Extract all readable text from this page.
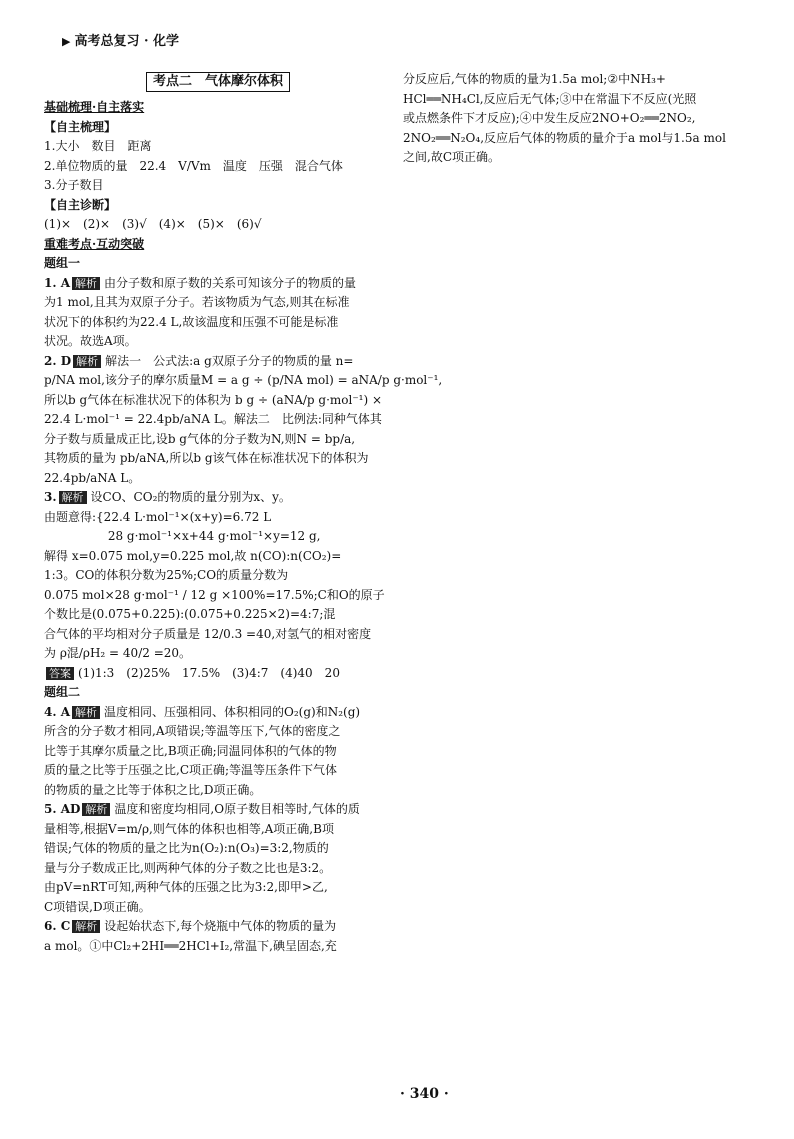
▶ 高考总复习 · 化学
考点二　气体摩尔体积
基础梳理·自主落实
【自主梳理】
1.大小　数目　距离
2.单位物质的量　22.4　V/Vm　温度　压强　混合气体
3.分子数目
【自主诊断】
(1)×　(2)×　(3)√　(4)×　(5)×　(6)√
重难考点·互动突破
题组一
1. A 解析 由分子数和原子数的关系可知该分子的物质的量
为1 mol,且其为双原子分子。若该物质为气态,则其在标准
状况下的体积约为22.4 L,故该温度和压强不可能是标准
状况。故选A项。
2. D 解析 解法一　公式法:a g双原子分子的物质的量 n=
p/NA mol,该分子的摩尔质量M = a g ÷ (p/NA mol) = aNA/p g·mol⁻¹,
所以b g气体在标准状况下的体积为 b g ÷ (aNA/p g·mol⁻¹) ×
22.4 L·mol⁻¹ = 22.4pb/aNA L。解法二　比例法:同种气体其
分子数与质量成正比,设b g气体的分子数为N,则N = bp/a,
其物质的量为 pb/aNA,所以b g该气体在标准状况下的体积为
22.4pb/aNA L。
3. 解析 设CO、CO₂的物质的量分别为x、y。
由题意得:{22.4 L·mol⁻¹×(x+y)=6.72 L
　　　　　 28 g·mol⁻¹×x+44 g·mol⁻¹×y=12 g,
解得 x=0.075 mol,y=0.225 mol,故 n(CO):n(CO₂)=
1:3。CO的体积分数为25%;CO的质量分数为
0.075 mol×28 g·mol⁻¹ / 12 g ×100%=17.5%;C和O的原子
个数比是(0.075+0.225):(0.075+0.225×2)=4:7;混
合气体的平均相对分子质量是 12/0.3 =40,对氢气的相对密度
为 ρ混/ρH₂ = 40/2 =20。
答案 (1)1:3　(2)25%　17.5%　(3)4:7　(4)40　20
题组二
4. A 解析 温度相同、压强相同、体积相同的O₂(g)和N₂(g)
所含的分子数才相同,A项错误;等温等压下,气体的密度之
比等于其摩尔质量之比,B项正确;同温同体积的气体的物
质的量之比等于压强之比,C项正确;等温等压条件下气体
的物质的量之比等于体积之比,D项正确。
5. AD 解析 温度和密度均相同,O原子数目相等时,气体的质
量相等,根据V=m/ρ,则气体的体积也相等,A项正确,B项
错误;气体的物质的量之比为n(O₂):n(O₃)=3:2,物质的
量与分子数成正比,则两种气体的分子数之比也是3:2。
由pV=nRT可知,两种气体的压强之比为3:2,即甲>乙,
C项错误,D项正确。
6. C 解析 设起始状态下,每个烧瓶中气体的物质的量为
a mol。①中Cl₂+2HI══2HCl+I₂,常温下,碘呈固态,充
分反应后,气体的物质的量为1.5a mol;②中NH₃+
HCl══NH₄Cl,反应后无气体;③中在常温下不反应(光照
或点燃条件下才反应);④中发生反应2NO+O₂══2NO₂,
2NO₂══N₂O₄,反应后气体的物质的量介于a mol与1.5a mol
之间,故C项正确。
· 340 ·
